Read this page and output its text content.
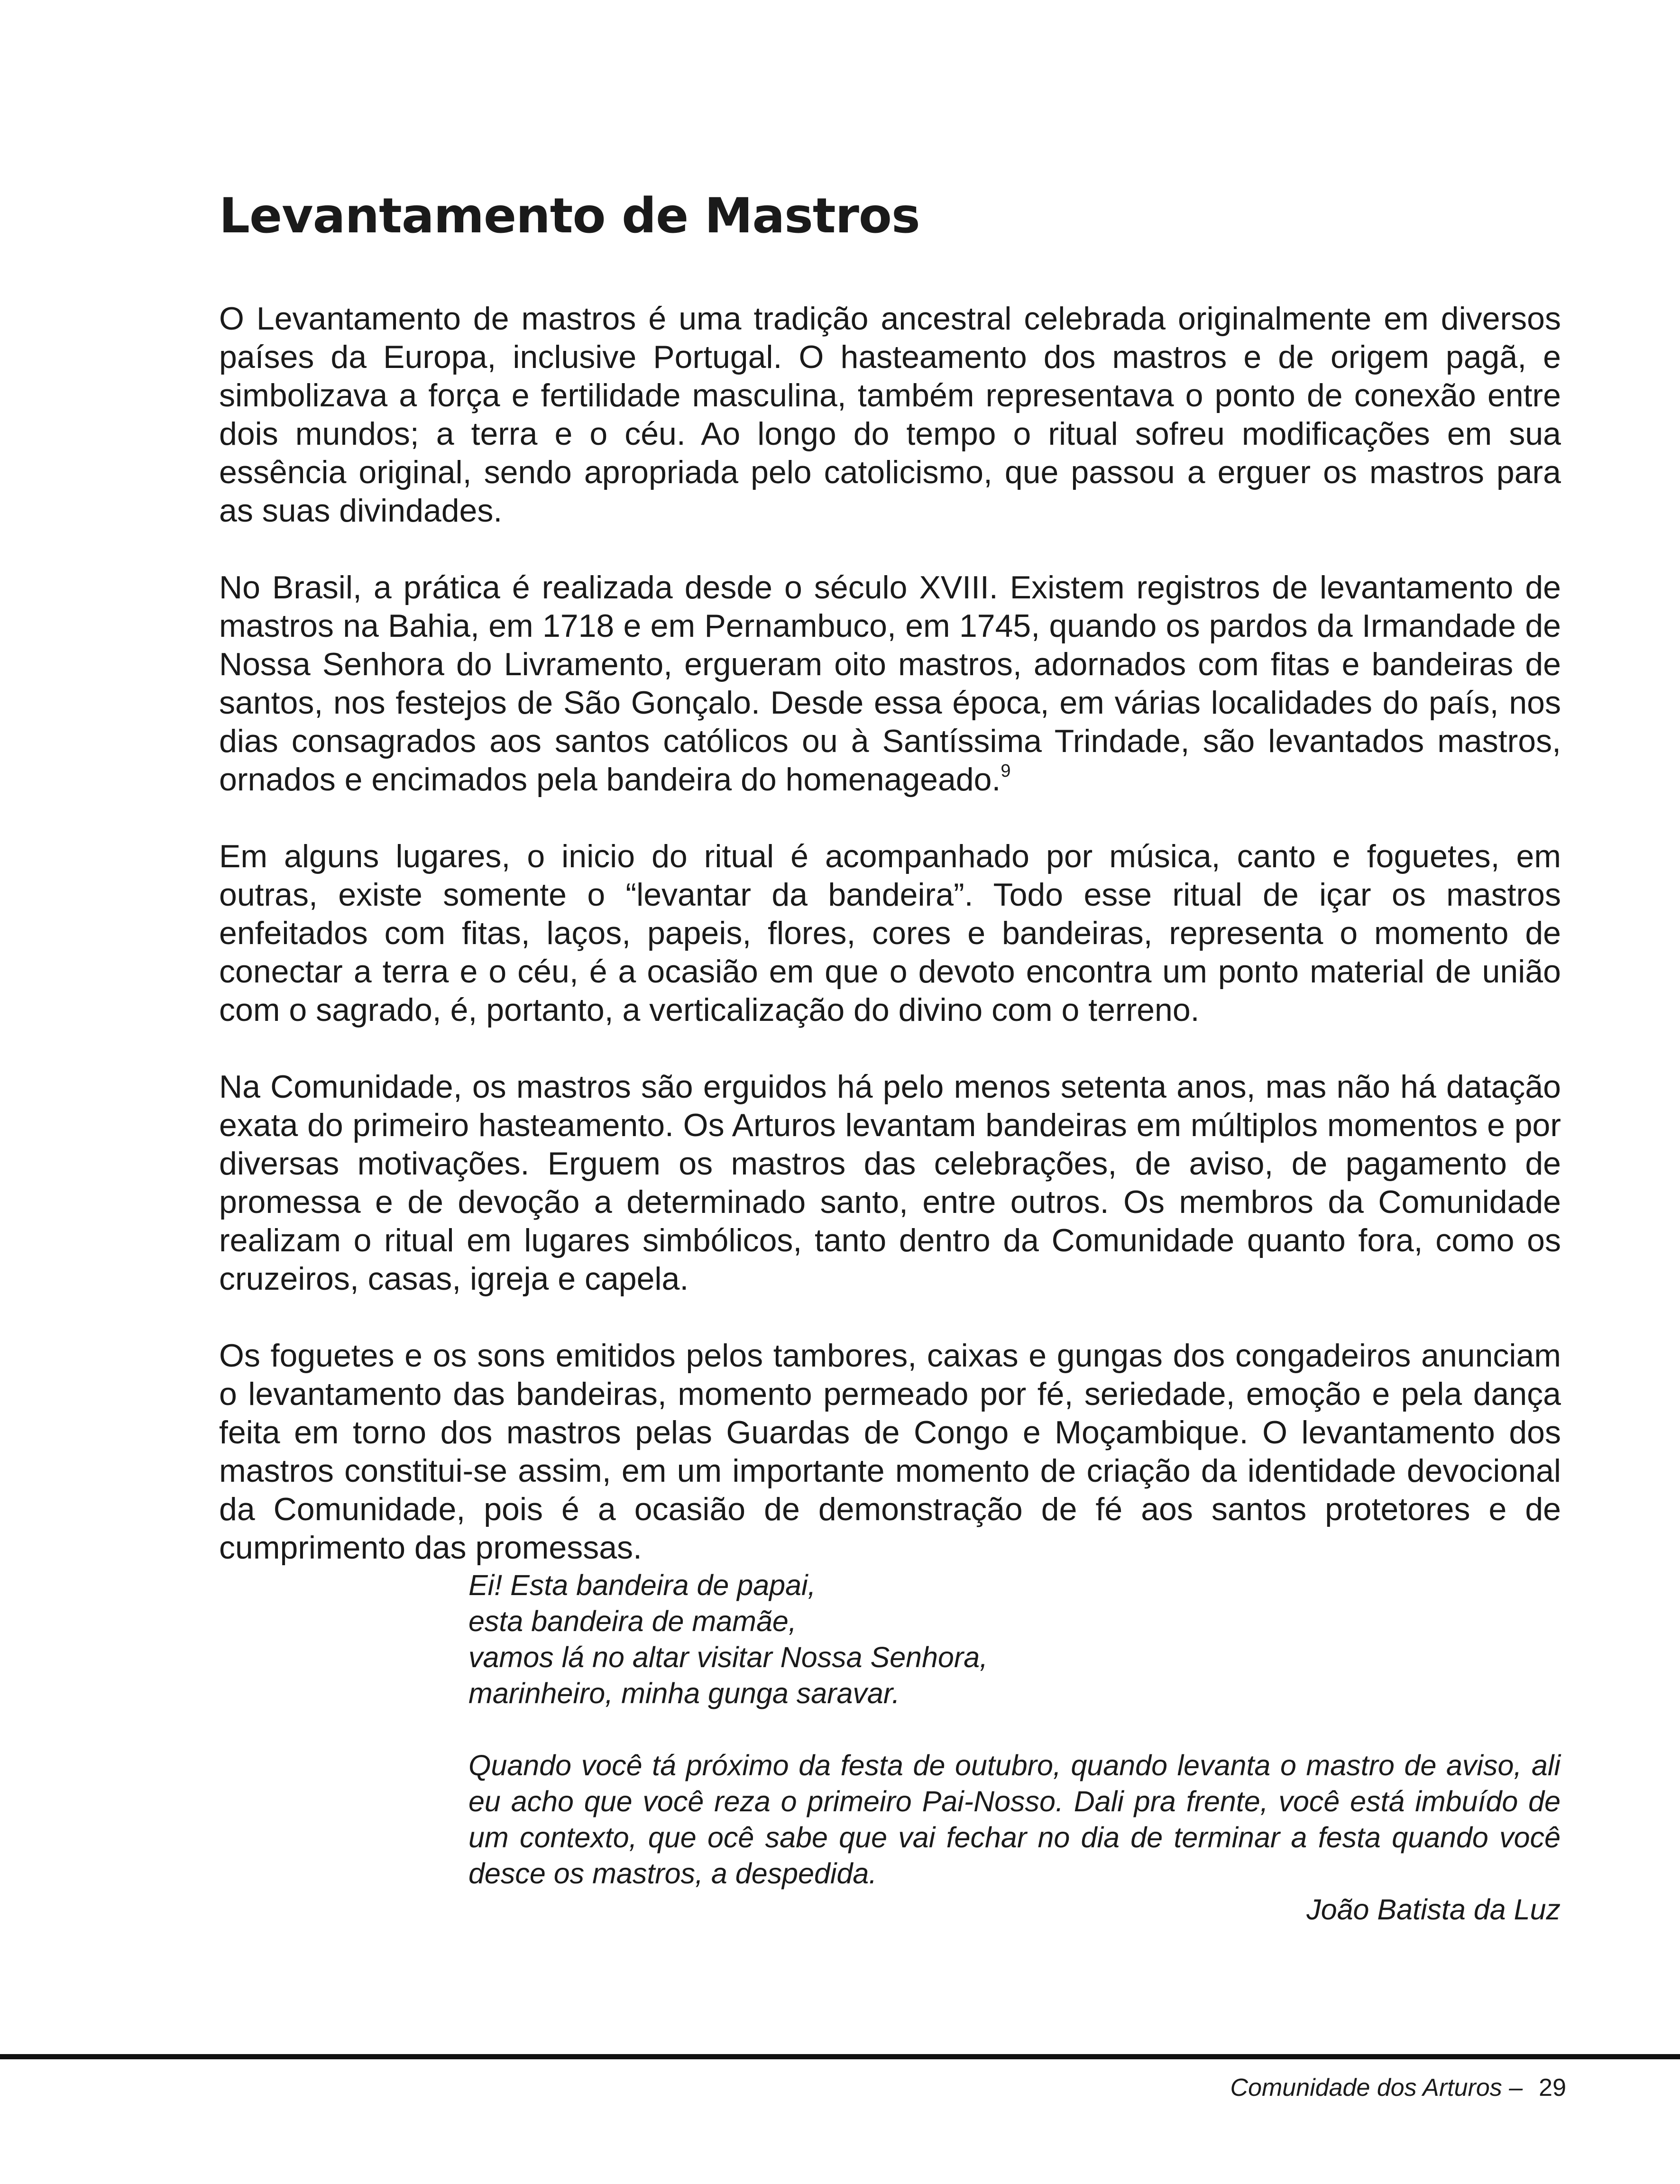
Levantamento de Mastros

O Levantamento de mastros é uma tradição ancestral celebrada originalmente em diversos países da Europa, inclusive Portugal. O hasteamento dos mastros e de origem pagã, e simbolizava a força e fertilidade masculina, também representava o ponto de conexão entre dois mundos; a terra e o céu. Ao longo do tempo o ritual sofreu modificações em sua essência original, sendo apropriada pelo catolicismo, que passou a erguer os mastros para as suas divindades.

No Brasil, a prática é realizada desde o século XVIII. Existem registros de levantamento de mastros na Bahia, em 1718 e em Pernambuco, em 1745, quando os pardos da Irmandade de Nossa Senhora do Livramento, ergueram oito mastros, adornados com fitas e bandeiras de santos, nos festejos de São Gonçalo. Desde essa época, em várias localidades do país, nos dias consagrados aos santos católicos ou à Santíssima Trindade, são levantados mastros, ornados e encimados pela bandeira do homenageado.$^9$

Em alguns lugares, o inicio do ritual é acompanhado por música, canto e foguetes, em outras, existe somente o “levantar da bandeira”. Todo esse ritual de içar os mastros enfeitados com fitas, laços, papeis, flores, cores e bandeiras, representa o momento de conectar a terra e o céu, é a ocasião em que o devoto encontra um ponto material de união com o sagrado, é, portanto, a verticalização do divino com o terreno.

Na Comunidade, os mastros são erguidos há pelo menos setenta anos, mas não há datação exata do primeiro hasteamento. Os Arturos levantam bandeiras em múltiplos momentos e por diversas motivações. Erguem os mastros das celebrações, de aviso, de pagamento de promessa e de devoção a determinado santo, entre outros. Os membros da Comunidade realizam o ritual em lugares simbólicos, tanto dentro da Comunidade quanto fora, como os cruzeiros, casas, igreja e capela.

Os foguetes e os sons emitidos pelos tambores, caixas e gungas dos congadeiros anunciam o levantamento das bandeiras, momento permeado por fé, seriedade, emoção e pela dança feita em torno dos mastros pelas Guardas de Congo e Moçambique. O levantamento dos mastros constitui-se assim, em um importante momento de criação da identidade devocional da Comunidade, pois é a ocasião de demonstração de fé aos santos protetores e de cumprimento das promessas.

Ei! Esta bandeira de papai,
esta bandeira de mamãe,
vamos lá no altar visitar Nossa Senhora,
marinheiro, minha gunga saravar.

Quando você tá próximo da festa de outubro, quando levanta o mastro de aviso, ali eu acho que você reza o primeiro Pai-Nosso. Dali pra frente, você está imbuído de um contexto, que ocê sabe que vai fechar no dia de terminar a festa quando você desce os mastros, a despedida.

João Batista da Luz

Comunidade dos Arturos – 29
